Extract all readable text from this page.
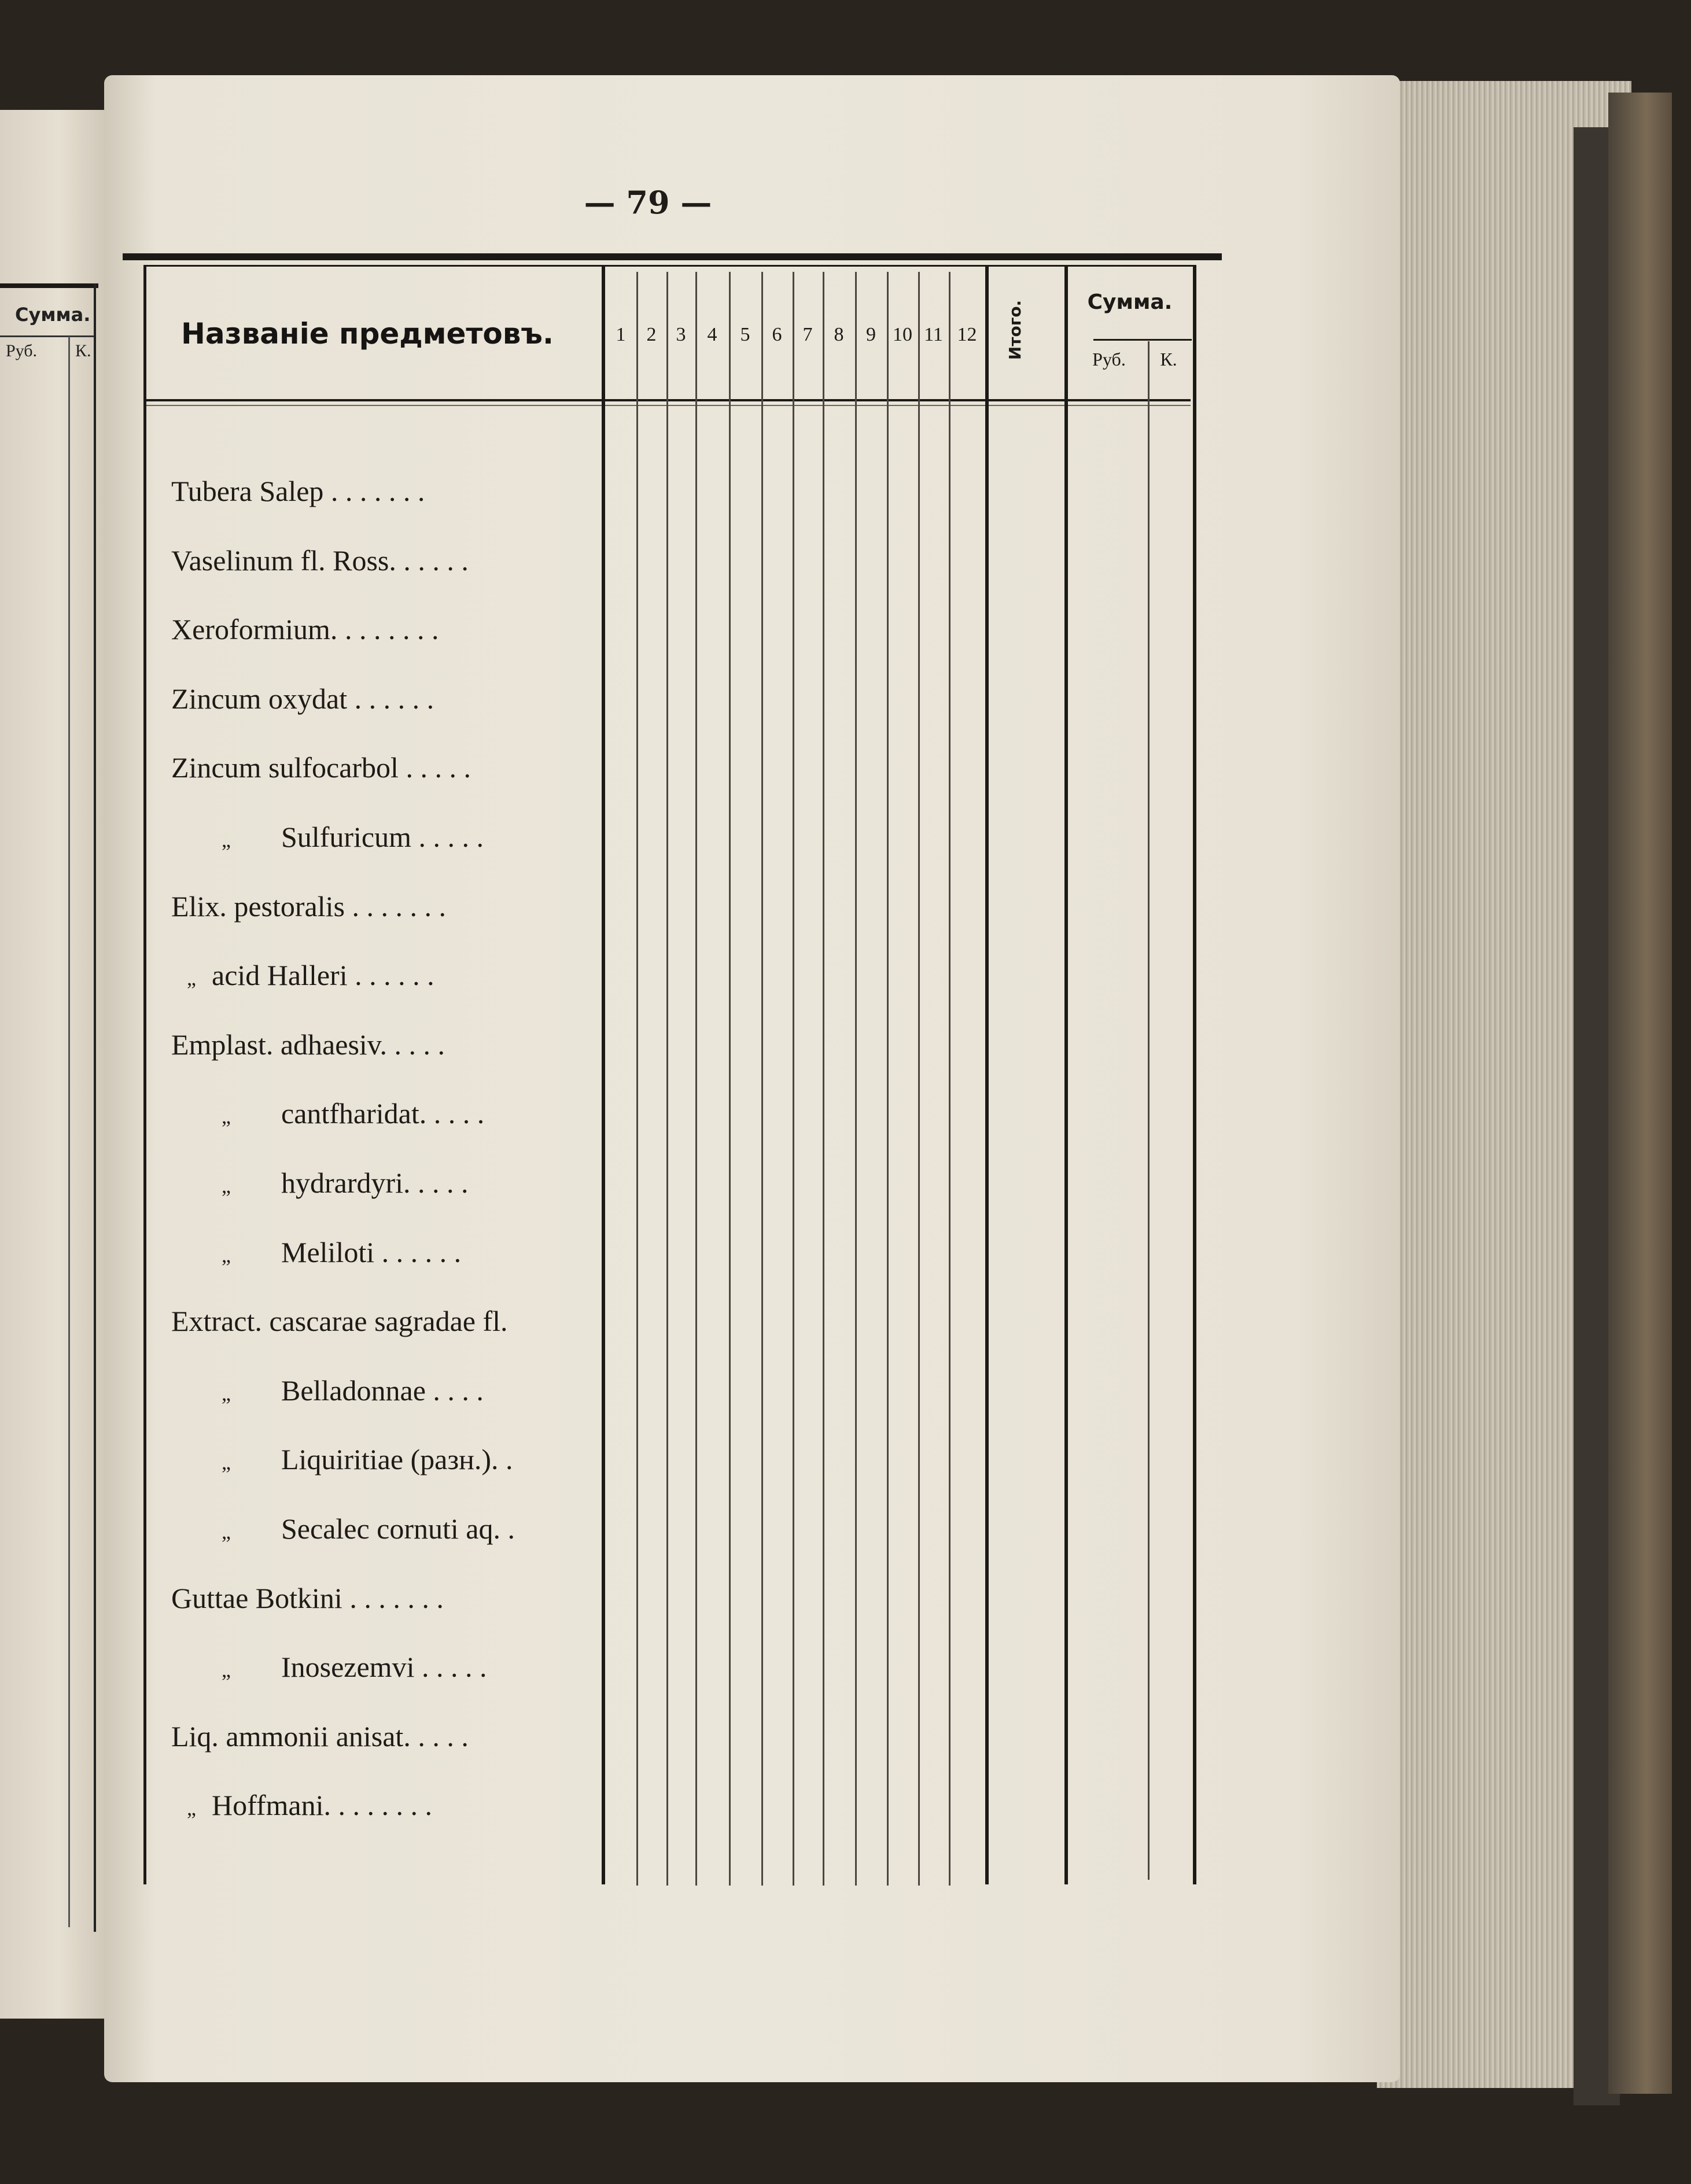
Сумма.
Руб. К.
— 79 —
Названіе предметовъ.	1	2	3	4	5	6	7	8	9 10 11 12 Итого.	Сумма.
Руб.	К.
Tubera Salep . . . . . . .
Vaselinum fl. Ross. . . . . .
Xeroformium. . . . . . . .
Zincum oxydat . . . . . .
Zincum sulfocarbol . . . . .
„ Sulfuricum . . . . .
Elix. pestoralis . . . . . . .
„ acid Halleri . . . . . .
Emplast. adhaesiv. . . . .
„ cantfharidat. . . . .
„ hydrardyri. . . . .
„ Meliloti . . . . . .
Extract. cascarae sagradae fl.
„ Belladonnae . . . .
„ Liquiritiae (разн.). .
„ Secalec cornuti aq. .
Guttae Botkini . . . . . . .
„ Inosezemvi . . . . .
Liq. ammonii anisat. . . . .
„ Hoffmani. . . . . . . .
